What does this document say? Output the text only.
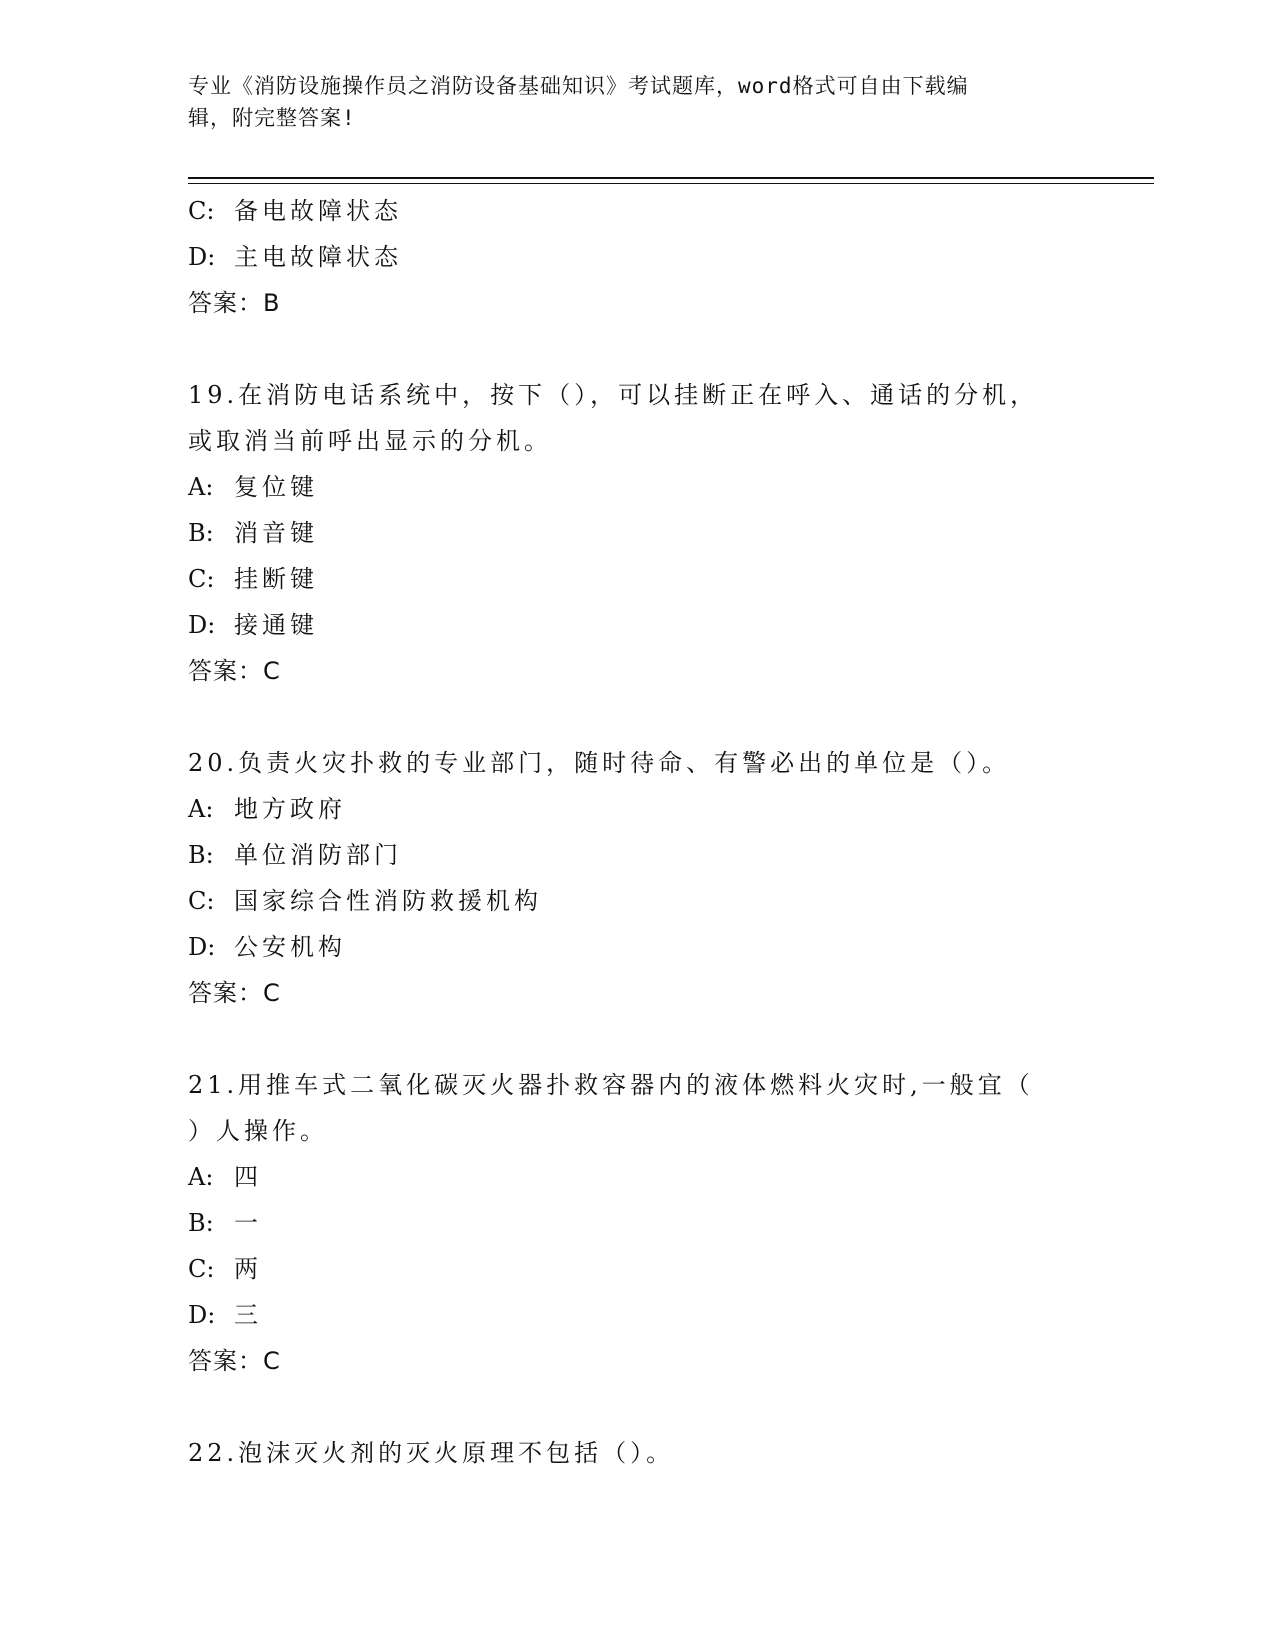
专业《消防设施操作员之消防设备基础知识》考试题库，word格式可自由下载编
辑，附完整答案!
C: 备电故障状态
D: 主电故障状态
答案：B
19.在消防电话系统中，按下（），可以挂断正在呼入、通话的分机，
或取消当前呼出显示的分机。
A: 复位键
B: 消音键
C: 挂断键
D: 接通键
答案：C
20.负责火灾扑救的专业部门，随时待命、有警必出的单位是（）。
A: 地方政府
B: 单位消防部门
C: 国家综合性消防救援机构
D: 公安机构
答案：C
21.用推车式二氧化碳灭火器扑救容器内的液体燃料火灾时,一般宜（
）人操作。
A: 四
B: 一
C: 两
D: 三
答案：C
22.泡沫灭火剂的灭火原理不包括（）。
